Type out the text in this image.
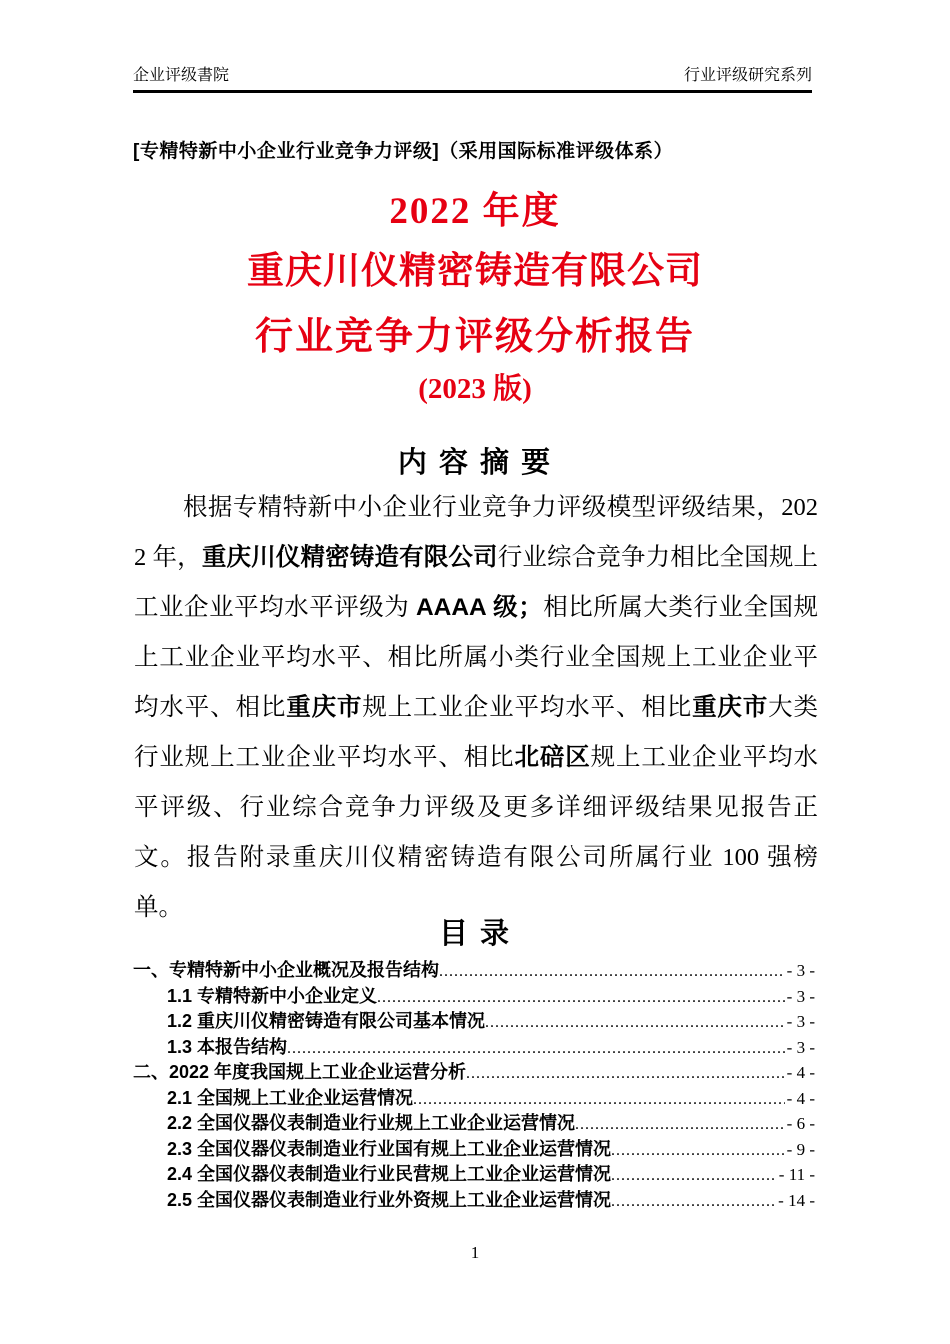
企业评级書院	行业评级研究系列
[专精特新中小企业行业竞争力评级]（采用国际标准评级体系）
2022 年度
重庆川仪精密铸造有限公司
行业竞争力评级分析报告
(2023 版)
内 容 摘 要

根据专精特新中小企业行业竞争力评级模型评级结果，2022 年，重庆川仪精密铸造有限公司行业综合竞争力相比全国规上工业企业平均水平评级为 AAAA 级；相比所属大类行业全国规上工业企业平均水平、相比所属小类行业全国规上工业企业平均水平、相比重庆市规上工业企业平均水平、相比重庆市大类行业规上工业企业平均水平、相比北碚区规上工业企业平均水平评级、行业综合竞争力评级及更多详细评级结果见报告正文。报告附录重庆川仪精密铸造有限公司所属行业 100 强榜单。

目 录
一、专精特新中小企业概况及报告结构 .....	- 3 -
1.1 专精特新中小企业定义 .....	- 3 -
1.2 重庆川仪精密铸造有限公司基本情况 .....	- 3 -
1.3 本报告结构 .....	- 3 -
二、2022 年度我国规上工业企业运营分析 .....	- 4 -
2.1 全国规上工业企业运营情况 .....	- 4 -
2.2 全国仪器仪表制造业行业规上工业企业运营情况 .....	- 6 -
2.3 全国仪器仪表制造业行业国有规上工业企业运营情况 .....	- 9 -
2.4 全国仪器仪表制造业行业民营规上工业企业运营情况 .....	- 11 -
2.5 全国仪器仪表制造业行业外资规上工业企业运营情况 .....	- 14 -
1
